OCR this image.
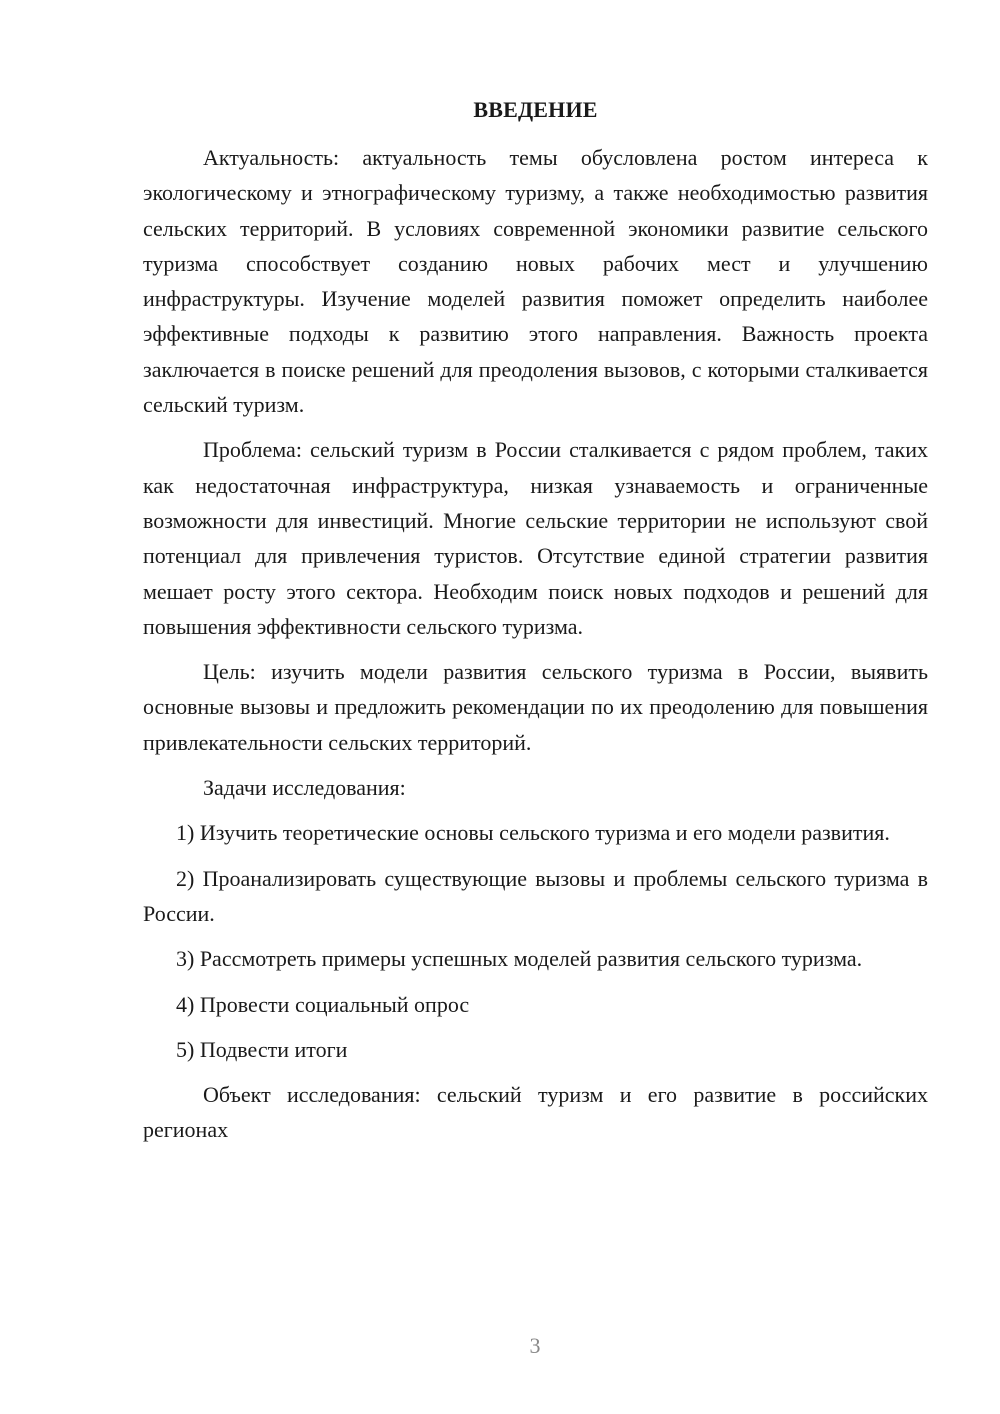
ВВЕДЕНИЕ

Актуальность: актуальность темы обусловлена ростом интереса к экологическому и этнографическому туризму, а также необходимостью развития сельских территорий. В условиях современной экономики развитие сельского туризма способствует созданию новых рабочих мест и улучшению инфраструктуры. Изучение моделей развития поможет определить наиболее эффективные подходы к развитию этого направления. Важность проекта заключается в поиске решений для преодоления вызовов, с которыми сталкивается сельский туризм.

Проблема: сельский туризм в России сталкивается с рядом проблем, таких как недостаточная инфраструктура, низкая узнаваемость и ограниченные возможности для инвестиций. Многие сельские территории не используют свой потенциал для привлечения туристов. Отсутствие единой стратегии развития мешает росту этого сектора. Необходим поиск новых подходов и решений для повышения эффективности сельского туризма.

Цель: изучить модели развития сельского туризма в России, выявить основные вызовы и предложить рекомендации по их преодолению для повышения привлекательности сельских территорий.

Задачи исследования:

1) Изучить теоретические основы сельского туризма и его модели развития.

2) Проанализировать существующие вызовы и проблемы сельского туризма в России.

3) Рассмотреть примеры успешных моделей развития сельского туризма.

4) Провести социальный опрос

5) Подвести итоги

Объект исследования: сельский туризм и его развитие в российских регионах

3
